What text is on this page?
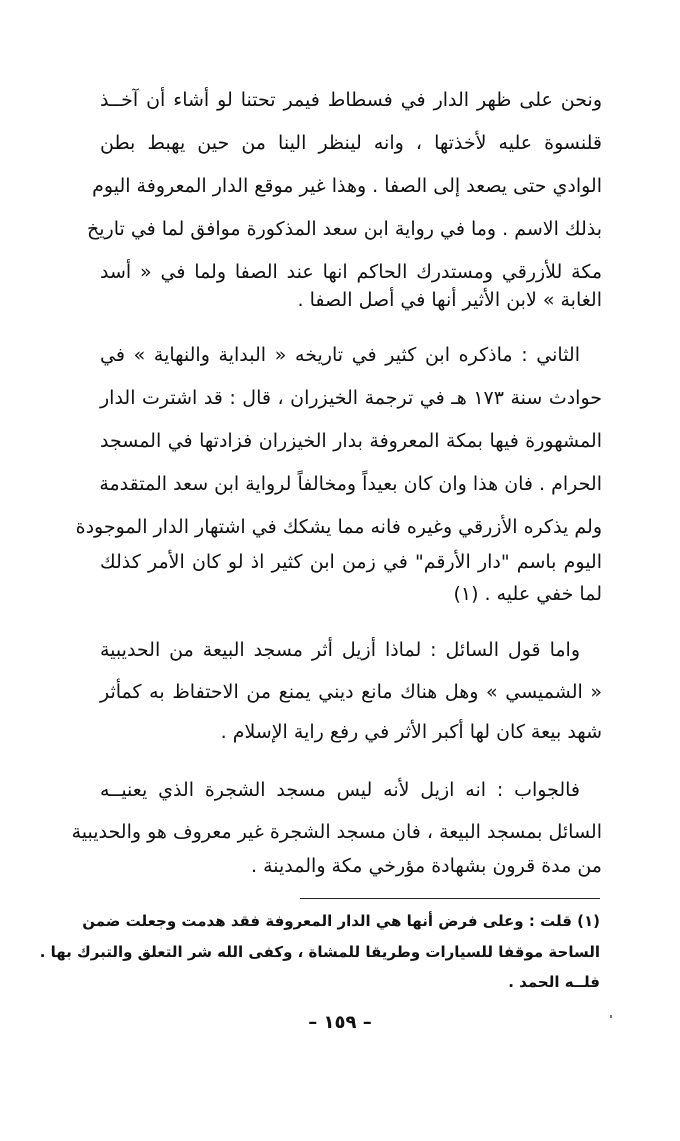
ونحن على ظهر الدار في فسطاط فيمر تحتنا لو أشاء أن آخــذ
قلنسوة عليه لأخذتها ، وانه لينظر الينا من حين يهبط بطن
الوادي حتى يصعد إلى الصفا . وهذا غير موقع الدار المعروفة اليوم
بذلك الاسم . وما في رواية ابن سعد المذكورة موافق لما في تاريخ
مكة للأزرقي ومستدرك الحاكم انها عند الصفا ولما في « أسد
الغابة » لابن الأثير أنها في أصل الصفا .
الثاني : ماذكره ابن كثير في تاريخه « البداية والنهاية » في
حوادث سنة ١٧٣ هـ في ترجمة الخيزران ، قال : قد اشترت الدار
المشهورة فيها بمكة المعروفة بدار الخيزران فزادتها في المسجد
الحرام . فان هذا وان كان بعيداً ومخالفاً لرواية ابن سعد المتقدمة
ولم يذكره الأزرقي وغيره فانه مما يشكك في اشتهار الدار الموجودة
اليوم باسم "دار الأرقم" في زمن ابن كثير اذ لو كان الأمر كذلك
لما خفي عليه . (١)
واما قول السائل : لماذا أزيل أثر مسجد البيعة من الحديبية
« الشميسي » وهل هناك مانع ديني يمنع من الاحتفاظ به كمأثر
شهد بيعة كان لها أكبر الأثر في رفع راية الإسلام .
فالجواب : انه ازيل لأنه ليس مسجد الشجرة الذي يعنيــه
السائل بمسجد البيعة ، فان مسجد الشجرة غير معروف هو والحديبية
من مدة قرون بشهادة مؤرخي مكة والمدينة .
(١) قلت : وعلى فرض أنها هي الدار المعروفة فقد هدمت وجعلت ضمن
الساحة موقفا للسيارات وطريقا للمشاة ، وكفى الله شر التعلق والتبرك بها .
فلــه الحمد .
– ١٥٩ –
